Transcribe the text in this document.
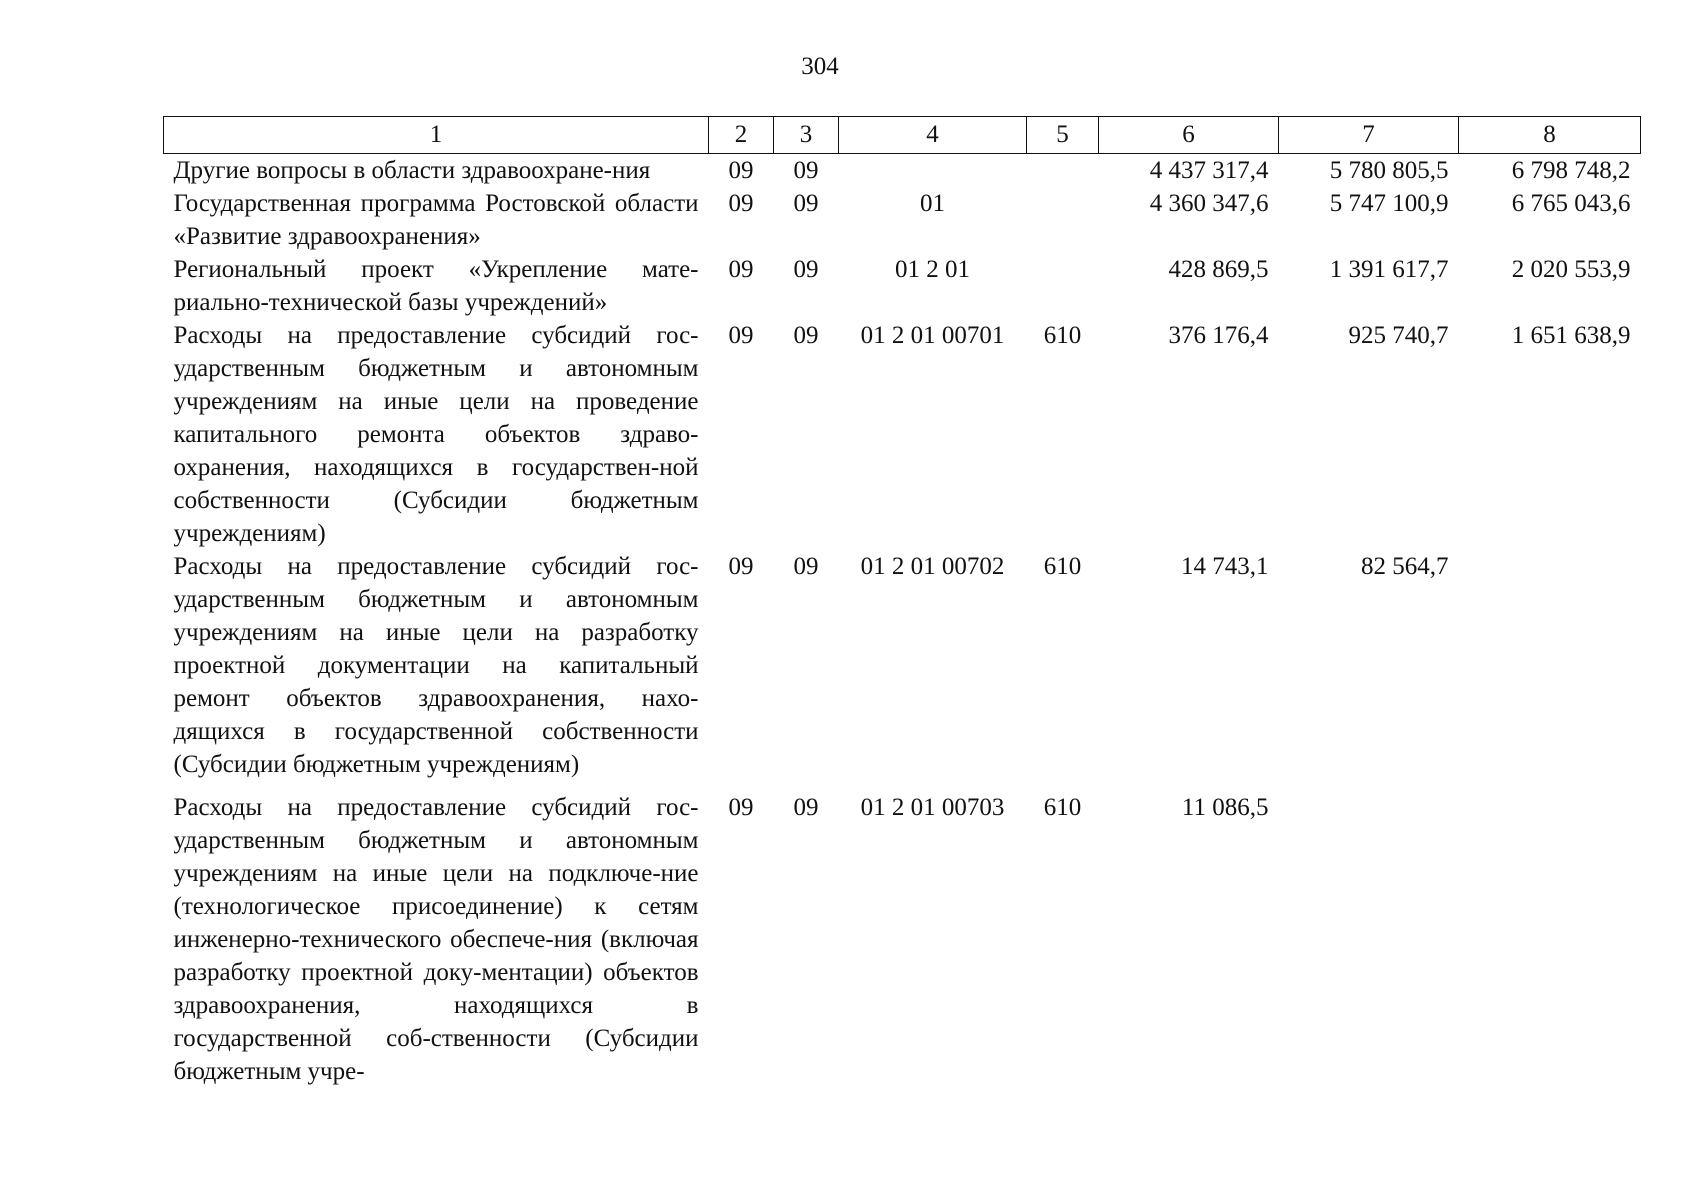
304
1	2	3	4	5	6	7	8
Другие вопросы в области здравоохране-ния	09	09			4 437 317,4	5 780 805,5	6 798 748,2
Государственная программа Ростовской области «Развитие здравоохранения»	09	09	01		4 360 347,6	5 747 100,9	6 765 043,6
Региональный проект «Укрепление мате-риально-технической базы учреждений»	09	09	01 2 01		428 869,5	1 391 617,7	2 020 553,9
Расходы на предоставление субсидий гос-ударственным бюджетным и автономным учреждениям на иные цели на проведение капитального ремонта объектов здраво-охранения, находящихся в государствен-ной собственности (Субсидии бюджетным учреждениям)	09	09	01 2 01 00701	610	376 176,4	925 740,7	1 651 638,9
Расходы на предоставление субсидий гос-ударственным бюджетным и автономным учреждениям на иные цели на разработку проектной документации на капитальный ремонт объектов здравоохранения, нахо-дящихся в государственной собственности (Субсидии бюджетным учреждениям)	09	09	01 2 01 00702	610	14 743,1	82 564,7	
Расходы на предоставление субсидий гос-ударственным бюджетным и автономным учреждениям на иные цели на подключе-ние (технологическое присоединение) к сетям инженерно-технического обеспече-ния (включая разработку проектной доку-ментации) объектов здравоохранения, находящихся в государственной соб-ственности (Субсидии бюджетным учре-	09	09	01 2 01 00703	610	11 086,5		
